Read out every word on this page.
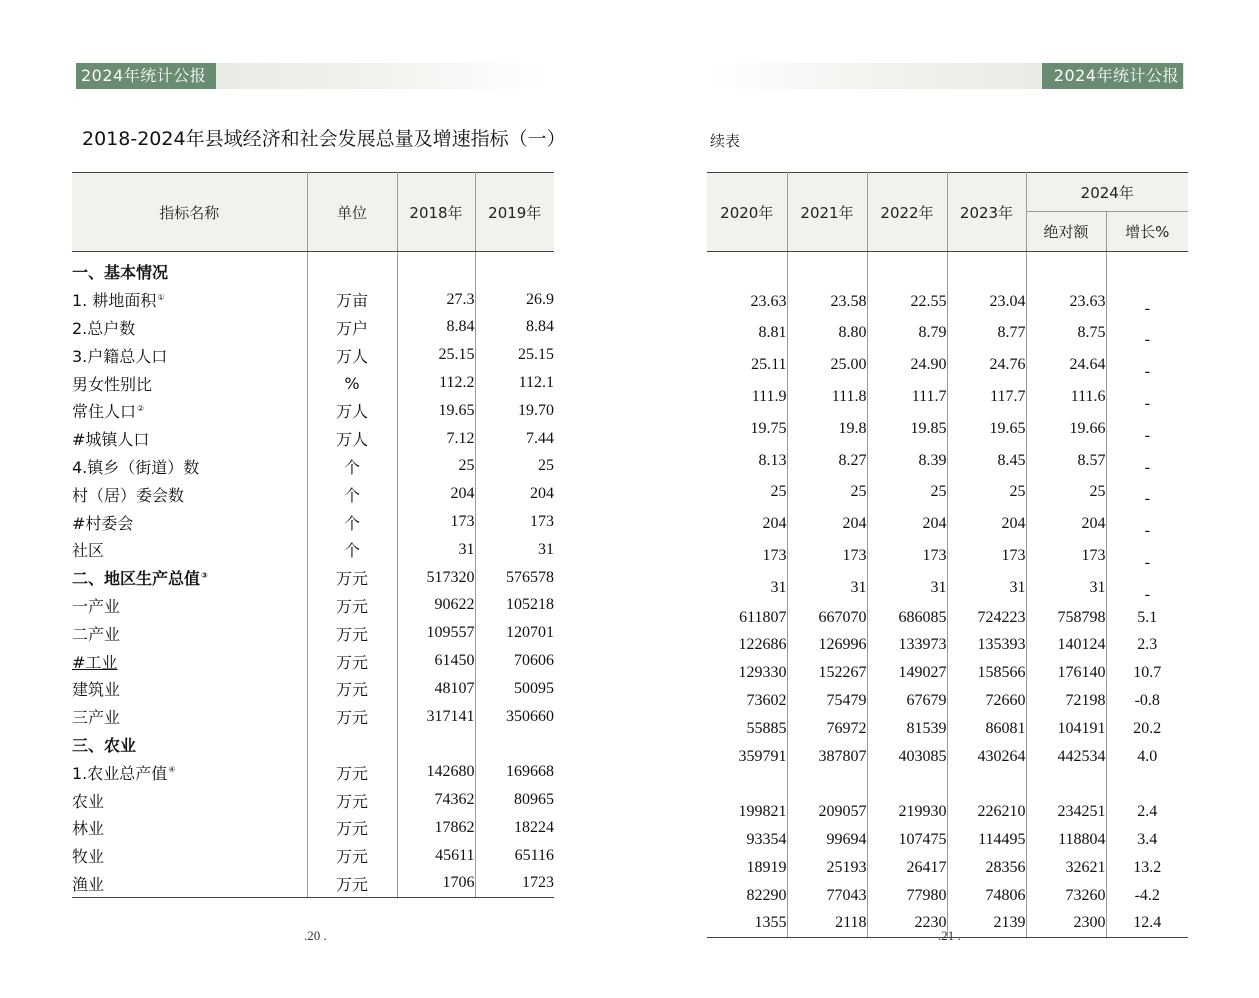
2024年统计公报	2024年统计公报
2018-2024年县域经济和社会发展总量及增速指标（一）	续表
指标名称	单位	2018年	2019年

一、基本情况			
1. 耕地面积①	万亩	27.3	26.9
2.总户数	万户	8.84	8.84
3.户籍总人口	万人	25.15	25.15
男女性别比	%	112.2	112.1
常住人口②	万人	19.65	19.70
#城镇人口	万人	7.12	7.44
4.镇乡（街道）数	个	25	25
村（居）委会数	个	204	204
#村委会	个	173	173
社区	个	31	31
二、地区生产总值③	万元	517320	576578
一产业	万元	90622	105218
二产业	万元	109557	120701
#工业	万元	61450	70606
建筑业	万元	48107	50095
三产业	万元	317141	350660
三、农业			
1.农业总产值④	万元	142680	169668
农业	万元	74362	80965
林业	万元	17862	18224
牧业	万元	45611	65116
渔业	万元	1706	1723
2020年	2021年	2022年	2023年	2024年	
				绝对额	增长%

23.63	23.58	22.55	23.04	23.63	-
8.81	8.80	8.79	8.77	8.75	-
25.11	25.00	24.90	24.76	24.64	-
111.9	111.8	111.7	117.7	111.6	-
19.75	19.8	19.85	19.65	19.66	-
8.13	8.27	8.39	8.45	8.57	-
25	25	25	25	25	-
204	204	204	204	204	-
173	173	173	173	173	-
31	31	31	31	31	-
611807	667070	686085	724223	758798	5.1
122686	126996	133973	135393	140124	2.3
129330	152267	149027	158566	176140	10.7
73602	75479	67679	72660	72198	-0.8
55885	76972	81539	86081	104191	20.2
359791	387807	403085	430264	442534	4.0

199821	209057	219930	226210	234251	2.4
93354	99694	107475	114495	118804	3.4
18919	25193	26417	28356	32621	13.2
82290	77043	77980	74806	73260	-4.2
1355	2118	2230	2139	2300	12.4
.20 .	.21 .
